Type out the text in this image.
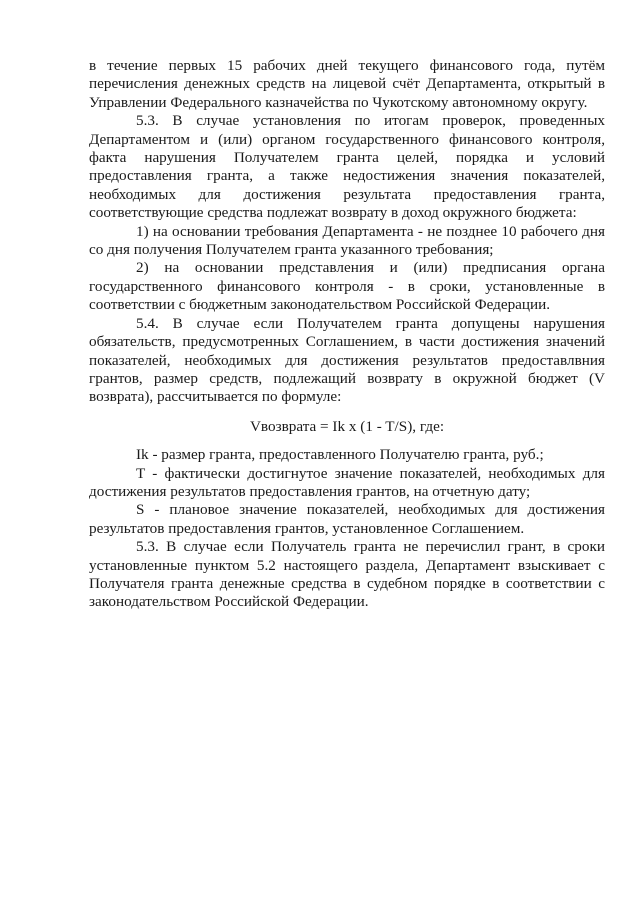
в течение первых 15 рабочих дней текущего финансового года, путём перечисления денежных средств на лицевой счёт Департамента, открытый в Управлении Федерального казначейства по Чукотскому автономному округу.

5.3. В случае установления по итогам проверок, проведенных Департаментом и (или) органом государственного финансового контроля, факта нарушения Получателем гранта целей, порядка и условий предоставления гранта, а также недостижения значения показателей, необходимых для достижения результата предоставления гранта, соответствующие средства подлежат возврату в доход окружного бюджета:

1) на основании требования Департамента - не позднее 10 рабочего дня со дня получения Получателем гранта указанного требования;

2) на основании представления и (или) предписания органа государственного финансового контроля - в сроки, установленные в соответствии с бюджетным законодательством Российской Федерации.

5.4. В случае если Получателем гранта допущены нарушения обязательств, предусмотренных Соглашением, в части достижения значений показателей, необходимых для достижения результатов предоставлвния грантов, размер средств, подлежащий возврату в окружной бюджет (V возврата), рассчитывается по формуле:

Vвозврата = Ik x (1 - T/S), где:

Ik - размер гранта, предоставленного Получателю гранта, руб.;

T - фактически достигнутое значение показателей, необходимых для достижения результатов предоставления грантов, на отчетную дату;

S - плановое значение показателей, необходимых для достижения результатов предоставления грантов, установленное Соглашением.

5.3. В случае если Получатель гранта не перечислил грант, в сроки установленные пунктом 5.2 настоящего раздела, Департамент взыскивает с Получателя гранта денежные средства в судебном порядке в соответствии с законодательством Российской Федерации.
